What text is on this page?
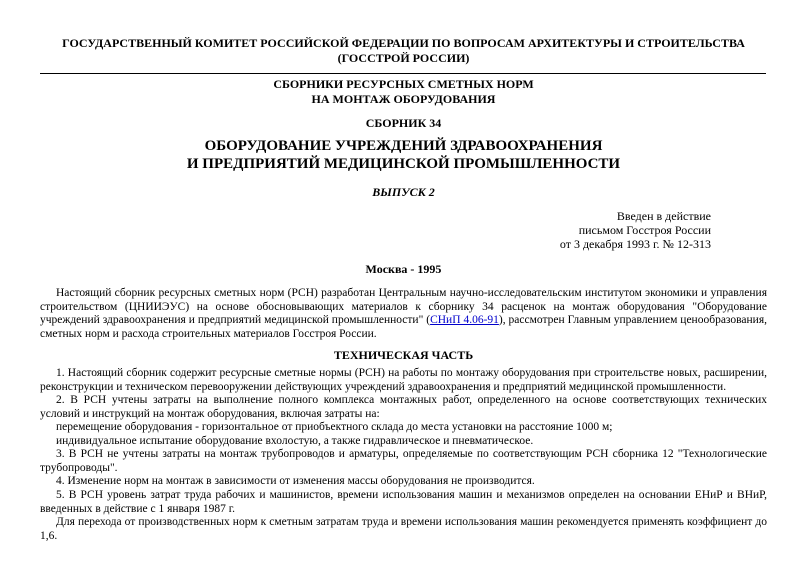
ГОСУДАРСТВЕННЫЙ КОМИТЕТ РОССИЙСКОЙ ФЕДЕРАЦИИ ПО ВОПРОСАМ АРХИТЕКТУРЫ И СТРОИТЕЛЬСТВА
(ГОССТРОЙ РОССИИ)
СБОРНИКИ РЕСУРСНЫХ СМЕТНЫХ НОРМ
НА МОНТАЖ ОБОРУДОВАНИЯ
СБОРНИК 34
ОБОРУДОВАНИЕ УЧРЕЖДЕНИЙ ЗДРАВООХРАНЕНИЯ
И ПРЕДПРИЯТИЙ МЕДИЦИНСКОЙ ПРОМЫШЛЕННОСТИ
ВЫПУСК 2
Введен в действие
письмом Госстроя России
от 3 декабря 1993 г. № 12-313
Москва - 1995

Настоящий сборник ресурсных сметных норм (РСН) разработан Центральным научно-исследовательским институтом экономики и управления строительством (ЦНИИЭУС) на основе обосновывающих материалов к сборнику 34 расценок на монтаж оборудования "Оборудование учреждений здравоохранения и предприятий медицинской промышленности" (СНиП 4.06-91), рассмотрен Главным управлением ценообразования, сметных норм и расхода строительных материалов Госстроя России.

ТЕХНИЧЕСКАЯ ЧАСТЬ

1. Настоящий сборник содержит ресурсные сметные нормы (РСН) на работы по монтажу оборудования при строительстве новых, расширении, реконструкции и техническом перевооружении действующих учреждений здравоохранения и предприятий медицинской промышленности.

2. В РСН учтены затраты на выполнение полного комплекса монтажных работ, определенного на основе соответствующих технических условий и инструкций на монтаж оборудования, включая затраты на:

перемещение оборудования - горизонтальное от приобъектного склада до места установки на расстояние 1000 м;

индивидуальное испытание оборудование вхолостую, а также гидравлическое и пневматическое.

3. В РСН не учтены затраты на монтаж трубопроводов и арматуры, определяемые по соответствующим РСН сборника 12 "Технологические трубопроводы".

4. Изменение норм на монтаж в зависимости от изменения массы оборудования не производится.

5. В РСН уровень затрат труда рабочих и машинистов, времени использования машин и механизмов определен на основании ЕНиР и ВНиР, введенных в действие с 1 января 1987 г.

Для перехода от производственных норм к сметным затратам труда и времени использования машин рекомендуется применять коэффициент до 1,6.
